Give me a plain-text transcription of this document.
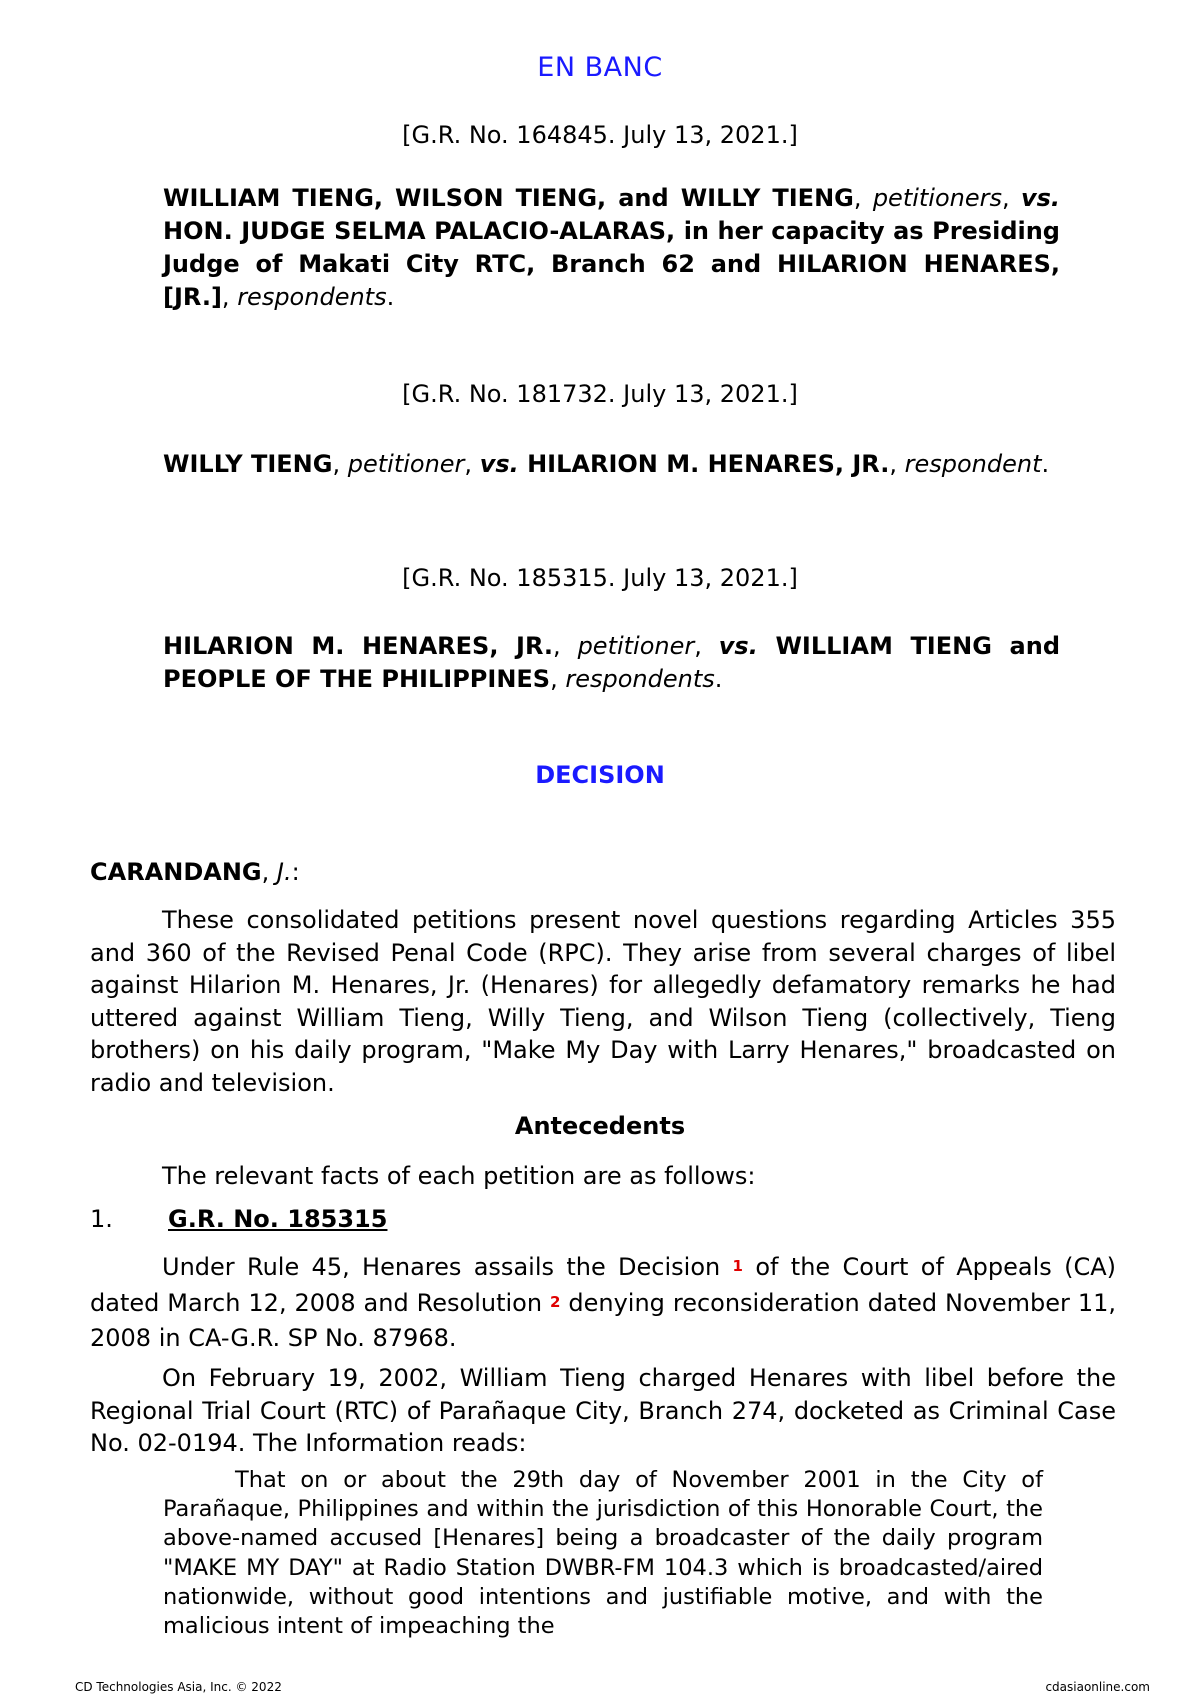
EN BANC
[G.R. No. 164845. July 13, 2021.]
WILLIAM TIENG, WILSON TIENG, and WILLY TIENG, petitioners, vs. HON. JUDGE SELMA PALACIO-ALARAS, in her capacity as Presiding Judge of Makati City RTC, Branch 62 and HILARION HENARES, [JR.], respondents.
[G.R. No. 181732. July 13, 2021.]
WILLY TIENG, petitioner, vs. HILARION M. HENARES, JR., respondent.
[G.R. No. 185315. July 13, 2021.]
HILARION M. HENARES, JR., petitioner, vs. WILLIAM TIENG and PEOPLE OF THE PHILIPPINES, respondents.
DECISION
CARANDANG, J.:

These consolidated petitions present novel questions regarding Articles 355 and 360 of the Revised Penal Code (RPC). They arise from several charges of libel against Hilarion M. Henares, Jr. (Henares) for allegedly defamatory remarks he had uttered against William Tieng, Willy Tieng, and Wilson Tieng (collectively, Tieng brothers) on his daily program, "Make My Day with Larry Henares," broadcasted on radio and television.

Antecedents

The relevant facts of each petition are as follows:

1. G.R. No. 185315

Under Rule 45, Henares assails the Decision $^1$ of the Court of Appeals (CA) dated March 12, 2008 and Resolution $^2$ denying reconsideration dated November 11, 2008 in CA-G.R. SP No. 87968.

On February 19, 2002, William Tieng charged Henares with libel before the Regional Trial Court (RTC) of Parañaque City, Branch 274, docketed as Criminal Case No. 02-0194. The Information reads:

That on or about the 29th day of November 2001 in the City of Parañaque, Philippines and within the jurisdiction of this Honorable Court, the above-named accused [Henares] being a broadcaster of the daily program "MAKE MY DAY" at Radio Station DWBR-FM 104.3 which is broadcasted/aired nationwide, without good intentions and justifiable motive, and with the malicious intent of impeaching the

CD Technologies Asia, Inc. © 2022	cdasiaonline.com
